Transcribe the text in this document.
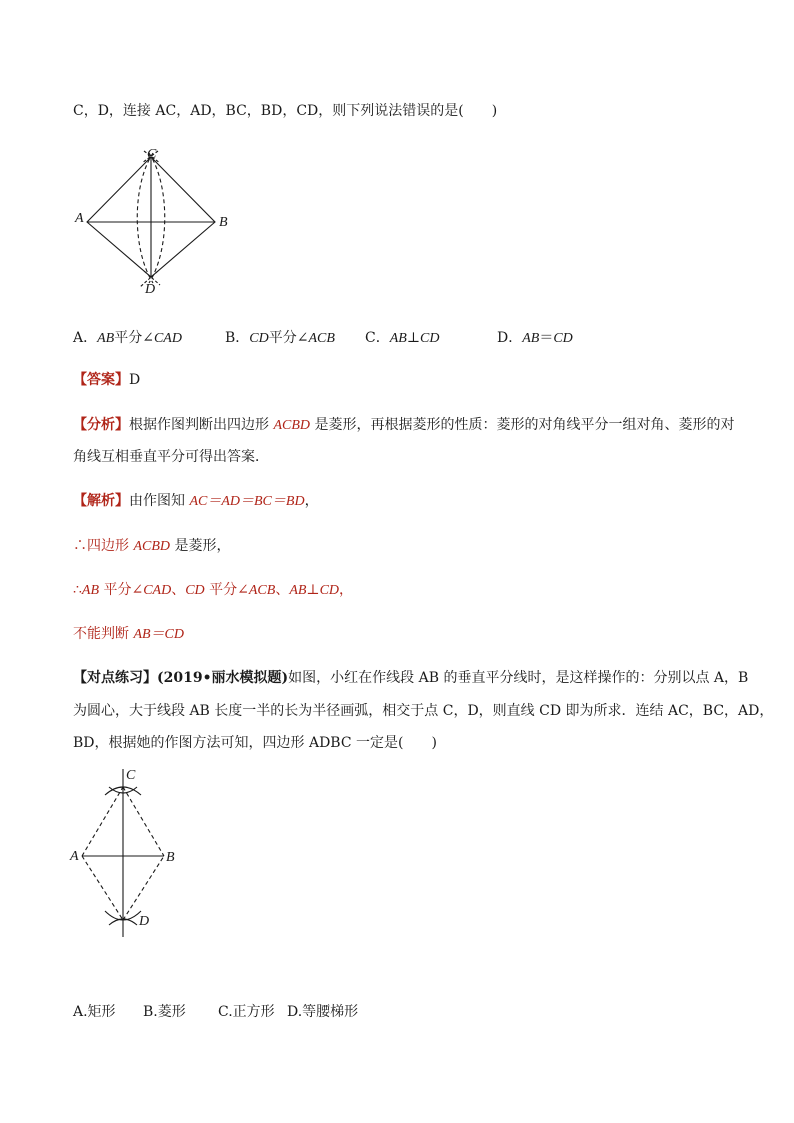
C，D，连接 AC，AD，BC，BD，CD，则下列说法错误的是(　　)
A	B
C
D
A．AB平分∠CAD	B．CD平分∠ACB C．AB⊥CD	D．AB＝CD
【答案】D
【分析】根据作图判断出四边形 ACBD 是菱形，再根据菱形的性质：菱形的对角线平分一组对角、菱形的对
角线互相垂直平分可得出答案．
【解析】由作图知 AC＝AD＝BC＝BD，
∴四边形 ACBD 是菱形，
∴AB 平分∠CAD、CD 平分∠ACB、AB⊥CD，
不能判断 AB＝CD
【对点练习】(2019•丽水模拟题)如图，小红在作线段 AB 的垂直平分线时，是这样操作的：分别以点 A，B
为圆心，大于线段 AB 长度一半的长为半径画弧，相交于点 C，D，则直线 CD 即为所求．连结 AC，BC，AD，
BD，根据她的作图方法可知，四边形 ADBC 一定是(　　)
A	B
C
D
A.矩形 B.菱形 C.正方形 D.等腰梯形
